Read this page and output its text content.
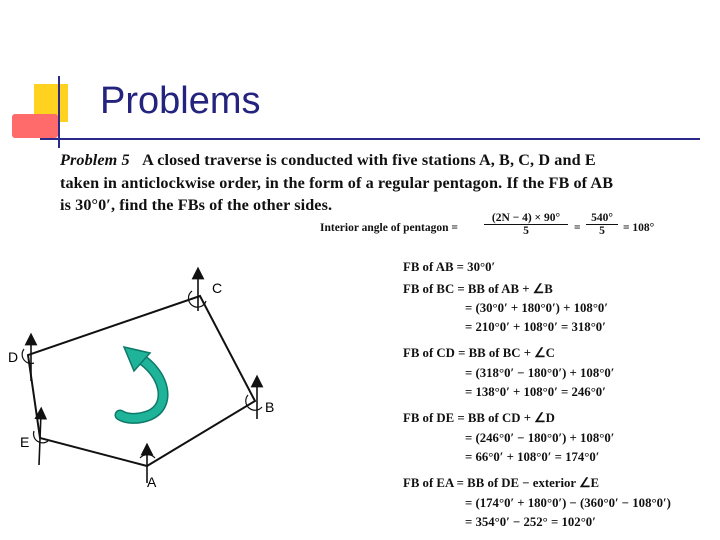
Problems
Problem 5 A closed traverse is conducted with five stations A, B, C, D and E
taken in anticlockwise order, in the form of a regular pentagon. If the FB of AB
is 30°0′, find the FBs of the other sides.
Interior angle of pentagon = $\frac{(2N - 4) \times 90^\circ}{5} = \frac{540^\circ}{5} = 108^\circ$
FB of AB = 30°0′
FB of BC = BB of AB + ∠B
= (30°0′ + 180°0′) + 108°0′
= 210°0′ + 108°0′ = 318°0′
FB of CD = BB of BC + ∠C
= (318°0′ − 180°0′) + 108°0′
= 138°0′ + 108°0′ = 246°0′
FB of DE = BB of CD + ∠D
= (246°0′ − 180°0′) + 108°0′
= 66°0′ + 108°0′ = 174°0′
FB of EA = BB of DE − exterior ∠E
= (174°0′ + 180°0′) − (360°0′ − 108°0′)
= 354°0′ − 252° = 102°0′
A
B
C
D
E
